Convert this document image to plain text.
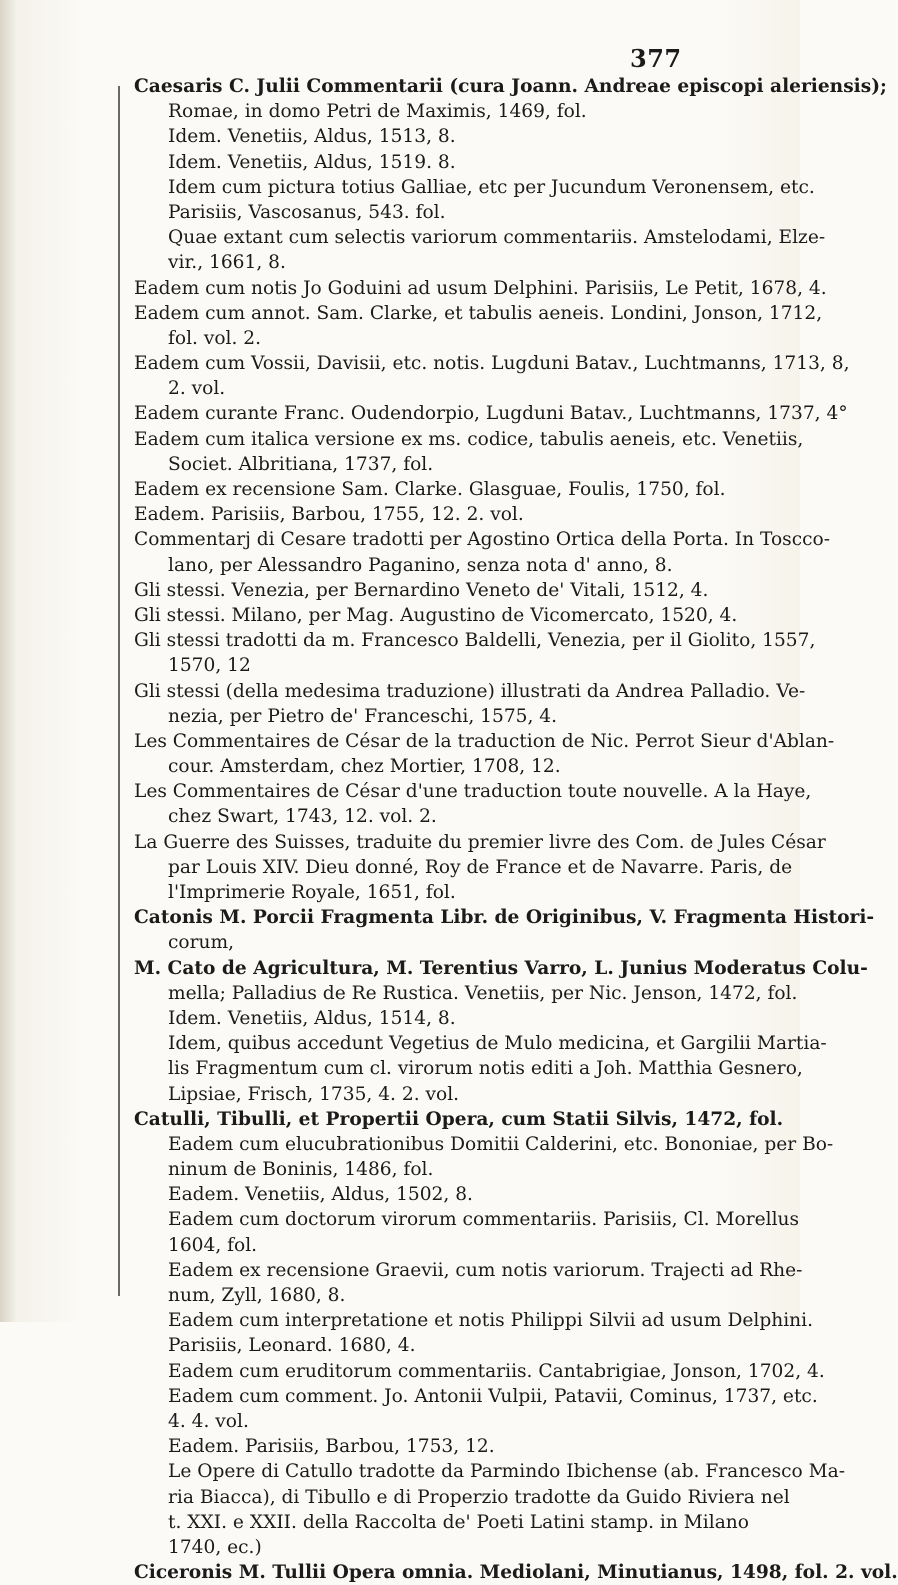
377
Caesaris C. Julii Commentarii (cura Joann. Andreae episcopi aleriensis);
Romae, in domo Petri de Maximis, 1469, fol.
Idem. Venetiis, Aldus, 1513, 8.
Idem. Venetiis, Aldus, 1519. 8.
Idem cum pictura totius Galliae, etc per Jucundum Veronensem, etc.
Parisiis, Vascosanus, 543. fol.
Quae extant cum selectis variorum commentariis. Amstelodami, Elze-
vir., 1661, 8.
Eadem cum notis Jo Goduini ad usum Delphini. Parisiis, Le Petit, 1678, 4.
Eadem cum annot. Sam. Clarke, et tabulis aeneis. Londini, Jonson, 1712,
fol. vol. 2.
Eadem cum Vossii, Davisii, etc. notis. Lugduni Batav., Luchtmanns, 1713, 8,
2. vol.
Eadem curante Franc. Oudendorpio, Lugduni Batav., Luchtmanns, 1737, 4°
Eadem cum italica versione ex ms. codice, tabulis aeneis, etc. Venetiis,
Societ. Albritiana, 1737, fol.
Eadem ex recensione Sam. Clarke. Glasguae, Foulis, 1750, fol.
Eadem. Parisiis, Barbou, 1755, 12. 2. vol.
Commentarj di Cesare tradotti per Agostino Ortica della Porta. In Toscco-
lano, per Alessandro Paganino, senza nota d' anno, 8.
Gli stessi. Venezia, per Bernardino Veneto de' Vitali, 1512, 4.
Gli stessi. Milano, per Mag. Augustino de Vicomercato, 1520, 4.
Gli stessi tradotti da m. Francesco Baldelli, Venezia, per il Giolito, 1557,
1570, 12
Gli stessi (della medesima traduzione) illustrati da Andrea Palladio. Ve-
nezia, per Pietro de' Franceschi, 1575, 4.
Les Commentaires de César de la traduction de Nic. Perrot Sieur d'Ablan-
cour. Amsterdam, chez Mortier, 1708, 12.
Les Commentaires de César d'une traduction toute nouvelle. A la Haye,
chez Swart, 1743, 12. vol. 2.
La Guerre des Suisses, traduite du premier livre des Com. de Jules César
par Louis XIV. Dieu donné, Roy de France et de Navarre. Paris, de
l'Imprimerie Royale, 1651, fol.
Catonis M. Porcii Fragmenta Libr. de Originibus, V. Fragmenta Histori-
corum,
M. Cato de Agricultura, M. Terentius Varro, L. Junius Moderatus Colu-
mella; Palladius de Re Rustica. Venetiis, per Nic. Jenson, 1472, fol.
Idem. Venetiis, Aldus, 1514, 8.
Idem, quibus accedunt Vegetius de Mulo medicina, et Gargilii Martia-
lis Fragmentum cum cl. virorum notis editi a Joh. Matthia Gesnero,
Lipsiae, Frisch, 1735, 4. 2. vol.
Catulli, Tibulli, et Propertii Opera, cum Statii Silvis, 1472, fol.
Eadem cum elucubrationibus Domitii Calderini, etc. Bononiae, per Bo-
ninum de Boninis, 1486, fol.
Eadem. Venetiis, Aldus, 1502, 8.
Eadem cum doctorum virorum commentariis. Parisiis, Cl. Morellus
1604, fol.
Eadem ex recensione Graevii, cum notis variorum. Trajecti ad Rhe-
num, Zyll, 1680, 8.
Eadem cum interpretatione et notis Philippi Silvii ad usum Delphini.
Parisiis, Leonard. 1680, 4.
Eadem cum eruditorum commentariis. Cantabrigiae, Jonson, 1702, 4.
Eadem cum comment. Jo. Antonii Vulpii, Patavii, Cominus, 1737, etc.
4. 4. vol.
Eadem. Parisiis, Barbou, 1753, 12.
Le Opere di Catullo tradotte da Parmindo Ibichense (ab. Francesco Ma-
ria Biacca), di Tibullo e di Properzio tradotte da Guido Riviera nel
t. XXI. e XXII. della Raccolta de' Poeti Latini stamp. in Milano
1740, ec.)
Ciceronis M. Tullii Opera omnia. Mediolani, Minutianus, 1498, fol. 2. vol.
